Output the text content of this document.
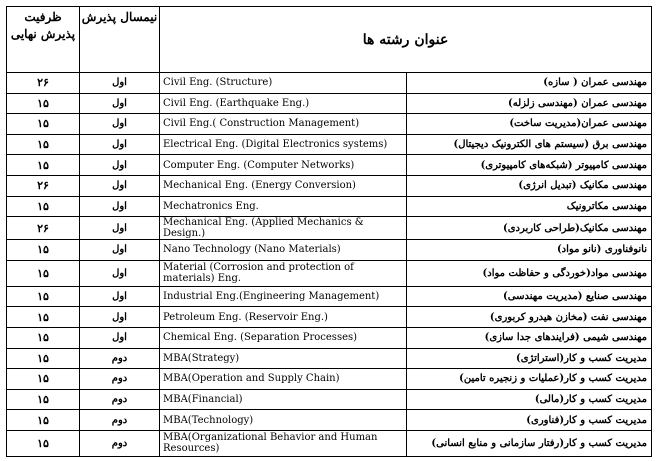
ظرفیت پذیرش نهایی	نیمسال پذیرش	عنوان رشته ها	
۲۶	اول	Civil Eng. (Structure)	مهندسی عمران ( سازه)
۱۵	اول	Civil Eng. (Earthquake Eng.)	مهندسی عمران (مهندسی زلزله)
۱۵	اول	Civil Eng.( Construction Management)	مهندسی عمران(مدیریت ساخت)
۱۵	اول	Electrical Eng. (Digital Electronics systems)	مهندسی برق (سیستم های الکترونیک دیجیتال)
۱۵	اول	Computer Eng. (Computer Networks)	مهندسی کامپیوتر (شبکه‌های کامپیوتری)
۲۶	اول	Mechanical Eng. (Energy Conversion)	مهندسی مکانیک (تبدیل انرژی)
۱۵	اول	Mechatronics Eng.	مهندسی مکاترونیک
۲۶	اول	Mechanical Eng. (Applied Mechanics & Design.)	مهندسی مکانیک(طراحی کاربردی)
۱۵	اول	Nano Technology (Nano Materials)	نانوفناوری (نانو مواد)
۱۵	اول	Material (Corrosion and protection of materials) Eng.	مهندسی مواد(خوردگی و حفاظت مواد)
۱۵	اول	Industrial Eng.(Engineering Management)	مهندسی صنایع (مدیریت مهندسی)
۱۵	اول	Petroleum Eng. (Reservoir Eng.)	مهندسی نفت (مخازن هیدرو کربوری)
۱۵	اول	Chemical Eng. (Separation Processes)	مهندسی شیمی (فرایندهای جدا سازی)
۱۵	دوم	MBA(Strategy)	مدیریت کسب و کار(استراتژی)
۱۵	دوم	MBA(Operation and Supply Chain)	مدیریت کسب و کار(عملیات و زنجیره تامین)
۱۵	دوم	MBA(Financial)	مدیریت کسب و کار(مالی)
۱۵	دوم	MBA(Technology)	مدیریت کسب و کار(فناوری)
۱۵	دوم	MBA(Organizational Behavior and Human Resources)	مدیریت کسب و کار(رفتار سازمانی و منابع انسانی)
